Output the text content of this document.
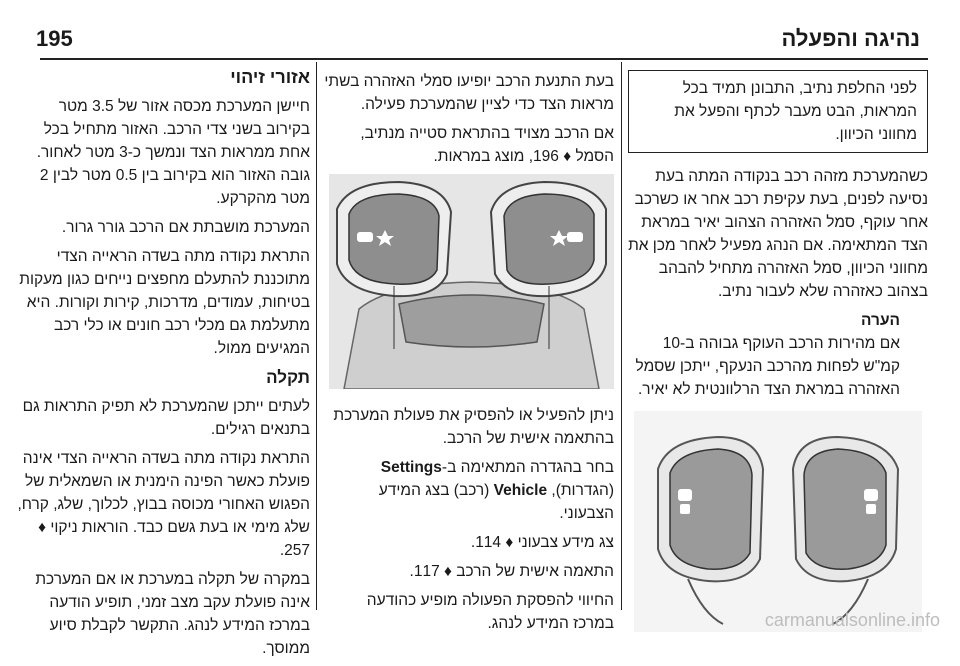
195	נהיגה והפעלה

לפני החלפת נתיב, התבונן תמיד בכל המראות, הבט מעבר לכתף והפעל את מחווני הכיוון.

כשהמערכת מזהה רכב בנקודה המתה בעת נסיעה לפנים, בעת עקיפת רכב אחר או כשרכב אחר עוקף, סמל האזהרה הצהוב יאיר במראת הצד המתאימה. אם הנהג מפעיל לאחר מכן את מחווני הכיוון, סמל האזהרה מתחיל להבהב בצהוב כאזהרה שלא לעבור נתיב.

הערה

אם מהירות הרכב העוקף גבוהה ב-10 קמ"ש לפחות מהרכב הנעקף, ייתכן שסמל האזהרה במראת הצד הרלוונטית לא יאיר.

בעת התנעת הרכב יופיעו סמלי האזהרה בשתי מראות הצד כדי לציין שהמערכת פעילה.

אם הרכב מצויד בהתראת סטייה מנתיב, הסמל ♦ 196, מוצג במראות.

ניתן להפעיל או להפסיק את פעולת המערכת בהתאמה אישית של הרכב.

בחר בהגדרה המתאימה ב-Settings (הגדרות), Vehicle (רכב) בצג המידע הצבעוני.

צג מידע צבעוני ♦ 114.

התאמה אישית של הרכב ♦ 117.

החיווי להפסקת הפעולה מופיע כהודעה במרכז המידע לנהג.

אזורי זיהוי

חיישן המערכת מכסה אזור של 3.5 מטר בקירוב בשני צדי הרכב. האזור מתחיל בכל אחת ממראות הצד ונמשך כ-3 מטר לאחור. גובה האזור הוא בקירוב בין 0.5 מטר לבין 2 מטר מהקרקע.

המערכת מושבתת אם הרכב גורר גרור.

התראת נקודה מתה בשדה הראייה הצדי מתוכננת להתעלם מחפצים נייחים כגון מעקות בטיחות, עמודים, מדרכות, קירות וקורות. היא מתעלמת גם מכלי רכב חונים או כלי רכב המגיעים ממול.

תקלה

לעתים ייתכן שהמערכת לא תפיק התראות גם בתנאים רגילים.

התראת נקודה מתה בשדה הראייה הצדי אינה פועלת כאשר הפינה הימנית או השמאלית של הפגוש האחורי מכוסה בבוץ, לכלוך, שלג, קרח, שלג מימי או בעת גשם כבד. הוראות ניקוי ♦ 257.

במקרה של תקלה במערכת או אם המערכת אינה פועלת עקב מצב זמני, תופיע הודעה במרכז המידע לנהג. התקשר לקבלת סיוע ממוסך.

carmanualsonline.info
